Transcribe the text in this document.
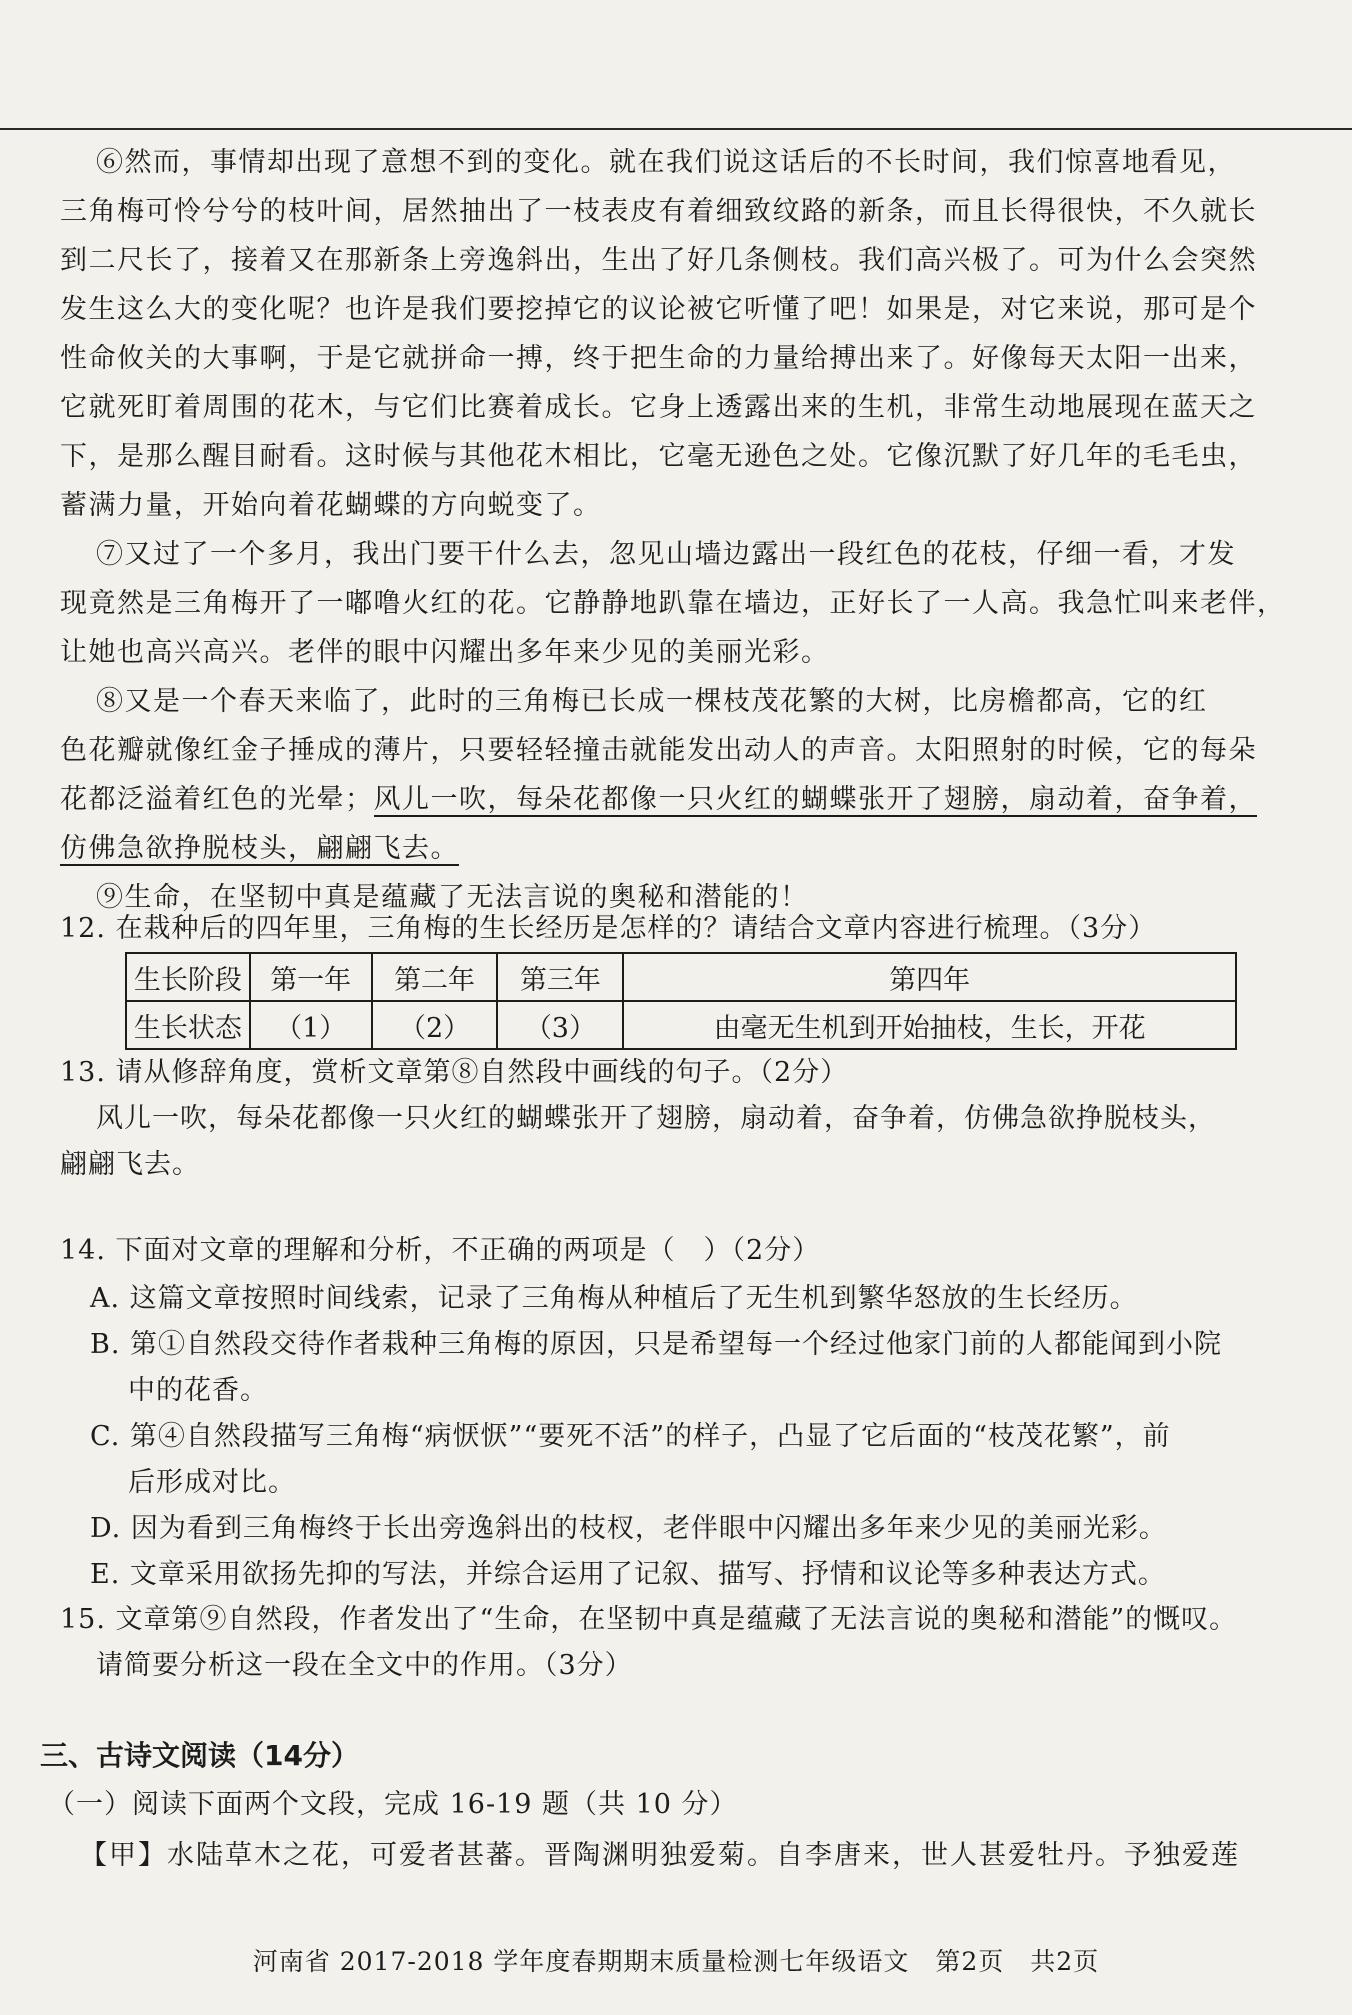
⑥然而，事情却出现了意想不到的变化。就在我们说这话后的不长时间，我们惊喜地看见，
三角梅可怜兮兮的枝叶间，居然抽出了一枝表皮有着细致纹路的新条，而且长得很快，不久就长
到二尺长了，接着又在那新条上旁逸斜出，生出了好几条侧枝。我们高兴极了。可为什么会突然
发生这么大的变化呢？也许是我们要挖掉它的议论被它听懂了吧！如果是，对它来说，那可是个
性命攸关的大事啊，于是它就拼命一搏，终于把生命的力量给搏出来了。好像每天太阳一出来，
它就死盯着周围的花木，与它们比赛着成长。它身上透露出来的生机，非常生动地展现在蓝天之
下，是那么醒目耐看。这时候与其他花木相比，它毫无逊色之处。它像沉默了好几年的毛毛虫，
蓄满力量，开始向着花蝴蝶的方向蜕变了。
⑦又过了一个多月，我出门要干什么去，忽见山墙边露出一段红色的花枝，仔细一看，才发
现竟然是三角梅开了一嘟噜火红的花。它静静地趴靠在墙边，正好长了一人高。我急忙叫来老伴，
让她也高兴高兴。老伴的眼中闪耀出多年来少见的美丽光彩。
⑧又是一个春天来临了，此时的三角梅已长成一棵枝茂花繁的大树，比房檐都高，它的红
色花瓣就像红金子捶成的薄片，只要轻轻撞击就能发出动人的声音。太阳照射的时候，它的每朵
花都泛溢着红色的光晕；风儿一吹，每朵花都像一只火红的蝴蝶张开了翅膀，扇动着，奋争着，
仿佛急欲挣脱枝头，翩翩飞去。
⑨生命，在坚韧中真是蕴藏了无法言说的奥秘和潜能的！
12. 在栽种后的四年里，三角梅的生长经历是怎样的？请结合文章内容进行梳理。（3分）
生长阶段	第一年	第二年	第三年	第四年
生长状态	（1）	（2）	（3）	由毫无生机到开始抽枝，生长，开花
13. 请从修辞角度，赏析文章第⑧自然段中画线的句子。（2分）
风儿一吹，每朵花都像一只火红的蝴蝶张开了翅膀，扇动着，奋争着，仿佛急欲挣脱枝头，
翩翩飞去。
14. 下面对文章的理解和分析，不正确的两项是（　）（2分）
A. 这篇文章按照时间线索，记录了三角梅从种植后了无生机到繁华怒放的生长经历。
B. 第①自然段交待作者栽种三角梅的原因，只是希望每一个经过他家门前的人都能闻到小院
中的花香。
C. 第④自然段描写三角梅“病恹恹”“要死不活”的样子，凸显了它后面的“枝茂花繁”，前
后形成对比。
D. 因为看到三角梅终于长出旁逸斜出的枝杈，老伴眼中闪耀出多年来少见的美丽光彩。
E. 文章采用欲扬先抑的写法，并综合运用了记叙、描写、抒情和议论等多种表达方式。
15. 文章第⑨自然段，作者发出了“生命，在坚韧中真是蕴藏了无法言说的奥秘和潜能”的慨叹。
请简要分析这一段在全文中的作用。（3分）
三、古诗文阅读（14分）
（一）阅读下面两个文段，完成 16-19 题（共 10 分）
【甲】水陆草木之花，可爱者甚蕃。晋陶渊明独爱菊。自李唐来，世人甚爱牡丹。予独爱莲
河南省 2017-2018 学年度春期期末质量检测七年级语文　第2页　共2页
